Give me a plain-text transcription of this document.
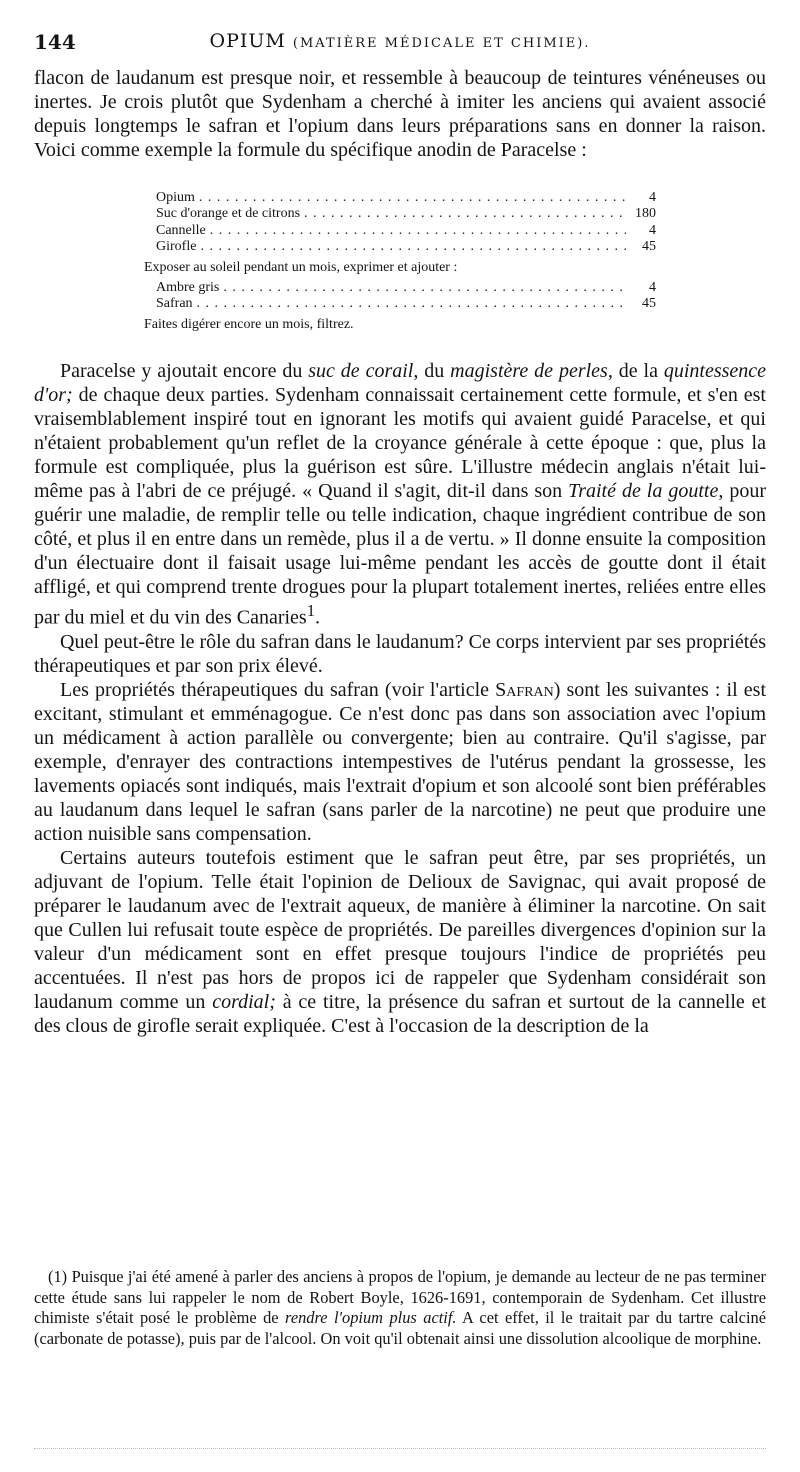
144	OPIUM (MATIÈRE MÉDICALE ET CHIMIE).

flacon de laudanum est presque noir, et ressemble à beaucoup de teintures vénéneuses ou inertes. Je crois plutôt que Sydenham a cherché à imiter les anciens qui avaient associé depuis longtemps le safran et l'opium dans leurs préparations sans en donner la raison. Voici comme exemple la formule du spécifique anodin de Paracelse :

Opium . . .	4
Suc d'orange et de citrons . . .	180
Cannelle . . .	4
Girofle . . .	45
Exposer au soleil pendant un mois, exprimer et ajouter :
Ambre gris . . .	4
Safran . . .	45
Faites digérer encore un mois, filtrez.

Paracelse y ajoutait encore du suc de corail, du magistère de perles, de la quintessence d'or; de chaque deux parties. Sydenham connaissait certainement cette formule, et s'en est vraisemblablement inspiré tout en ignorant les motifs qui avaient guidé Paracelse, et qui n'étaient probablement qu'un reflet de la croyance générale à cette époque : que, plus la formule est compliquée, plus la guérison est sûre. L'illustre médecin anglais n'était lui-même pas à l'abri de ce préjugé. « Quand il s'agit, dit-il dans son Traité de la goutte, pour guérir une maladie, de remplir telle ou telle indication, chaque ingrédient contribue de son côté, et plus il en entre dans un remède, plus il a de vertu. » Il donne ensuite la composition d'un électuaire dont il faisait usage lui-même pendant les accès de goutte dont il était affligé, et qui comprend trente drogues pour la plupart totalement inertes, reliées entre elles par du miel et du vin des Canaries$^1$.

Quel peut-être le rôle du safran dans le laudanum? Ce corps intervient par ses propriétés thérapeutiques et par son prix élevé.

Les propriétés thérapeutiques du safran (voir l'article Safran) sont les suivantes : il est excitant, stimulant et emménagogue. Ce n'est donc pas dans son association avec l'opium un médicament à action parallèle ou convergente; bien au contraire. Qu'il s'agisse, par exemple, d'enrayer des contractions intempestives de l'utérus pendant la grossesse, les lavements opiacés sont indiqués, mais l'extrait d'opium et son alcoolé sont bien préférables au laudanum dans lequel le safran (sans parler de la narcotine) ne peut que produire une action nuisible sans compensation.

Certains auteurs toutefois estiment que le safran peut être, par ses propriétés, un adjuvant de l'opium. Telle était l'opinion de Delioux de Savignac, qui avait proposé de préparer le laudanum avec de l'extrait aqueux, de manière à éliminer la narcotine. On sait que Cullen lui refusait toute espèce de propriétés. De pareilles divergences d'opinion sur la valeur d'un médicament sont en effet presque toujours l'indice de propriétés peu accentuées. Il n'est pas hors de propos ici de rappeler que Sydenham considérait son laudanum comme un cordial; à ce titre, la présence du safran et surtout de la cannelle et des clous de girofle serait expliquée. C'est à l'occasion de la description de la

(1) Puisque j'ai été amené à parler des anciens à propos de l'opium, je demande au lecteur de ne pas terminer cette étude sans lui rappeler le nom de Robert Boyle, 1626-1691, contemporain de Sydenham. Cet illustre chimiste s'était posé le problème de rendre l'opium plus actif. A cet effet, il le traitait par du tartre calciné (carbonate de potasse), puis par de l'alcool. On voit qu'il obtenait ainsi une dissolution alcoolique de morphine.
